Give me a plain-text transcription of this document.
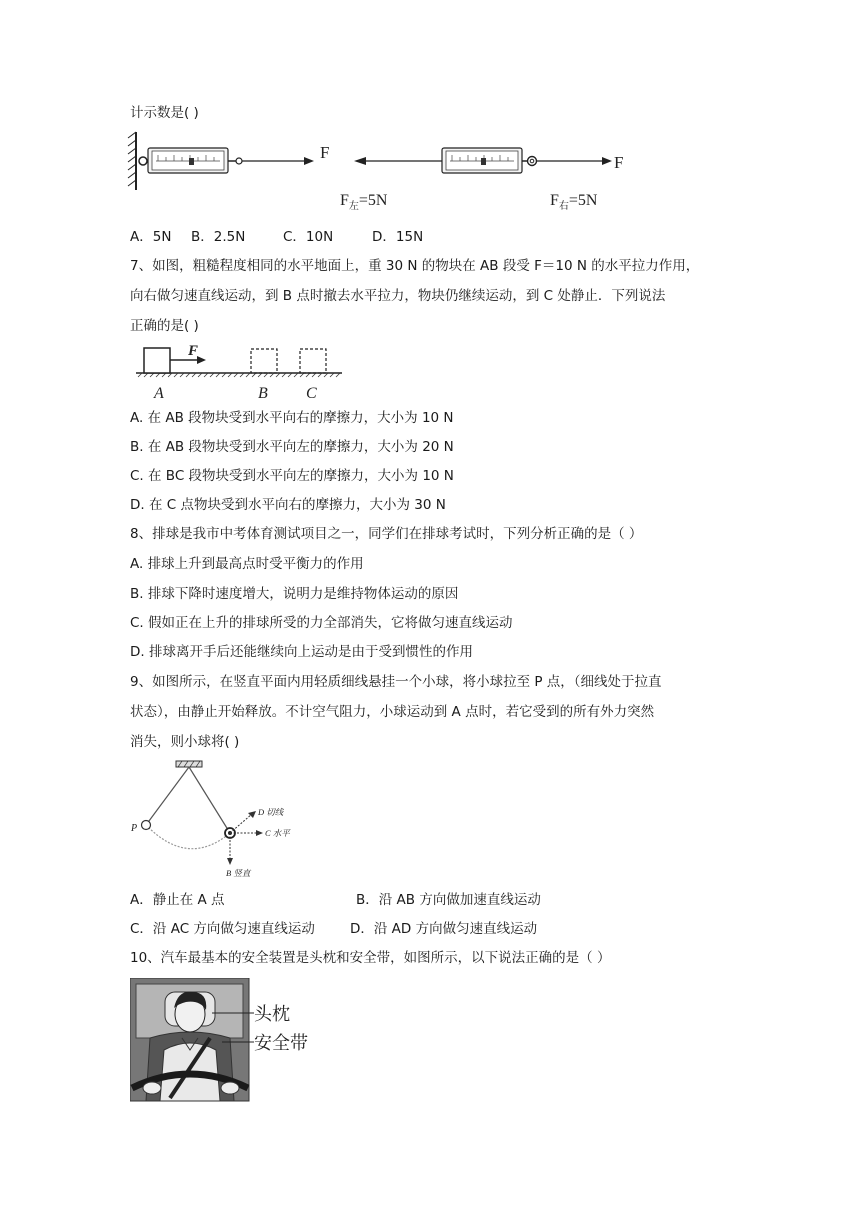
计示数是( )
F
F
$F_左=5N$	$F_右=5N$
A．5N B．2.5N	C．10N	D．15N
7、如图，粗糙程度相同的水平地面上，重 30 N 的物块在 AB 段受 F＝10 N 的水平拉力作用，
向右做匀速直线运动，到 B 点时撤去水平拉力，物块仍继续运动，到 C 处静止．下列说法
正确的是( )
F
A	B C
A. 在 AB 段物块受到水平向右的摩擦力，大小为 10 N
B. 在 AB 段物块受到水平向左的摩擦力，大小为 20 N
C. 在 BC 段物块受到水平向左的摩擦力，大小为 10 N
D. 在 C 点物块受到水平向右的摩擦力，大小为 30 N
8、排球是我市中考体育测试项目之一，同学们在排球考试时，下列分析正确的是（ ）
A. 排球上升到最高点时受平衡力的作用
B. 排球下降时速度增大，说明力是维持物体运动的原因
C. 假如正在上升的排球所受的力全部消失，它将做匀速直线运动
D. 排球离开手后还能继续向上运动是由于受到惯性的作用
9、如图所示，在竖直平面内用轻质细线悬挂一个小球，将小球拉至 P 点，（细线处于拉直
状态），由静止开始释放。不计空气阻力，小球运动到 A 点时，若它受到的所有外力突然
消失，则小球将( )
P
D 切线
C 水平
B 竖直
A．静止在 A 点	B．沿 AB 方向做加速直线运动
C．沿 AC 方向做匀速直线运动	D．沿 AD 方向做匀速直线运动
10、汽车最基本的安全装置是头枕和安全带，如图所示，以下说法正确的是（ ）
头枕
安全带
